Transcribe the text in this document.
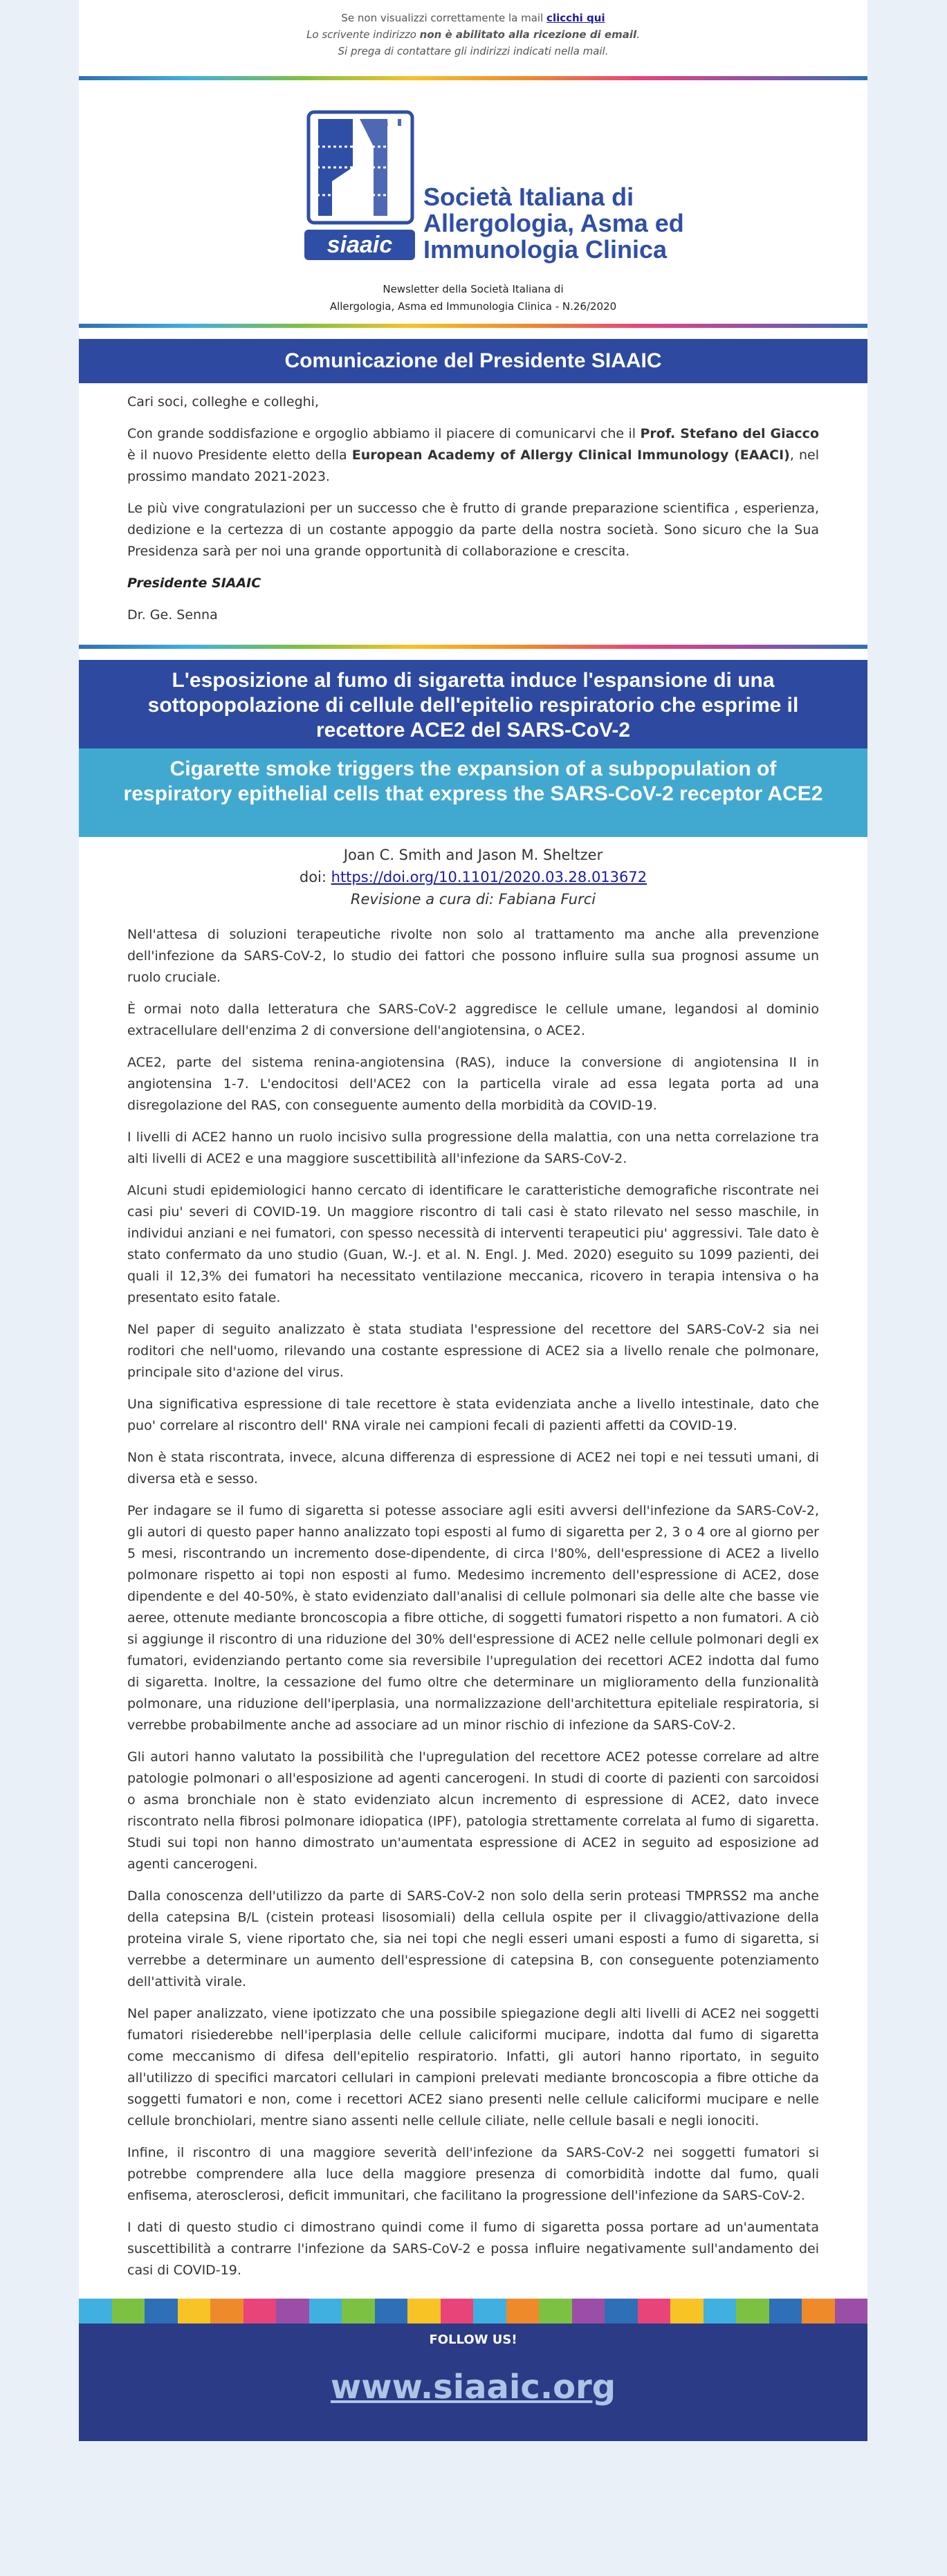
Se non visualizzi correttamente la mail clicchi qui
Lo scrivente indirizzo non è abilitato alla ricezione di email.
Si prega di contattare gli indirizzi indicati nella mail.
siaaic
Società Italiana di
Allergologia, Asma ed
Immunologia Clinica
Newsletter della Società Italiana di
Allergologia, Asma ed Immunologia Clinica - N.26/2020
Comunicazione del Presidente SIAAIC

Cari soci, colleghe e colleghi,

Con grande soddisfazione e orgoglio abbiamo il piacere di comunicarvi che il Prof. Stefano del Giacco è il nuovo Presidente eletto della European Academy of Allergy Clinical Immunology (EAACI), nel prossimo mandato 2021-2023.

Le più vive congratulazioni per un successo che è frutto di grande preparazione scientifica , esperienza, dedizione e la certezza di un costante appoggio da parte della nostra società. Sono sicuro che la Sua Presidenza sarà per noi una grande opportunità di collaborazione e crescita.

Presidente SIAAIC

Dr. Ge. Senna

L'esposizione al fumo di sigaretta induce l'espansione di una sottopopolazione di cellule dell'epitelio respiratorio che esprime il recettore ACE2 del SARS-CoV-2
Cigarette smoke triggers the expansion of a subpopulation of respiratory epithelial cells that express the SARS-CoV-2 receptor ACE2
Joan C. Smith and Jason M. Sheltzer
doi: https://doi.org/10.1101/2020.03.28.013672
Revisione a cura di: Fabiana Furci

Nell'attesa di soluzioni terapeutiche rivolte non solo al trattamento ma anche alla prevenzione dell'infezione da SARS-CoV-2, lo studio dei fattori che possono influire sulla sua prognosi assume un ruolo cruciale.

È ormai noto dalla letteratura che SARS-CoV-2 aggredisce le cellule umane, legandosi al dominio extracellulare dell'enzima 2 di conversione dell'angiotensina, o ACE2.

ACE2, parte del sistema renina-angiotensina (RAS), induce la conversione di angiotensina II in angiotensina 1-7. L'endocitosi dell'ACE2 con la particella virale ad essa legata porta ad una disregolazione del RAS, con conseguente aumento della morbidità da COVID-19.

I livelli di ACE2 hanno un ruolo incisivo sulla progressione della malattia, con una netta correlazione tra alti livelli di ACE2 e una maggiore suscettibilità all'infezione da SARS-CoV-2.

Alcuni studi epidemiologici hanno cercato di identificare le caratteristiche demografiche riscontrate nei casi piu' severi di COVID-19. Un maggiore riscontro di tali casi è stato rilevato nel sesso maschile, in individui anziani e nei fumatori, con spesso necessità di interventi terapeutici piu' aggressivi. Tale dato è stato confermato da uno studio (Guan, W.-J. et al. N. Engl. J. Med. 2020) eseguito su 1099 pazienti, dei quali il 12,3% dei fumatori ha necessitato ventilazione meccanica, ricovero in terapia intensiva o ha presentato esito fatale.

Nel paper di seguito analizzato è stata studiata l'espressione del recettore del SARS-CoV-2 sia nei roditori che nell'uomo, rilevando una costante espressione di ACE2 sia a livello renale che polmonare, principale sito d'azione del virus.

Una significativa espressione di tale recettore è stata evidenziata anche a livello intestinale, dato che puo' correlare al riscontro dell' RNA virale nei campioni fecali di pazienti affetti da COVID-19.

Non è stata riscontrata, invece, alcuna differenza di espressione di ACE2 nei topi e nei tessuti umani, di diversa età e sesso.

Per indagare se il fumo di sigaretta si potesse associare agli esiti avversi dell'infezione da SARS-CoV-2, gli autori di questo paper hanno analizzato topi esposti al fumo di sigaretta per 2, 3 o 4 ore al giorno per 5 mesi, riscontrando un incremento dose-dipendente, di circa l'80%, dell'espressione di ACE2 a livello polmonare rispetto ai topi non esposti al fumo. Medesimo incremento dell'espressione di ACE2, dose dipendente e del 40-50%, è stato evidenziato dall'analisi di cellule polmonari sia delle alte che basse vie aeree, ottenute mediante broncoscopia a fibre ottiche, di soggetti fumatori rispetto a non fumatori. A ciò si aggiunge il riscontro di una riduzione del 30% dell'espressione di ACE2 nelle cellule polmonari degli ex fumatori, evidenziando pertanto come sia reversibile l'upregulation dei recettori ACE2 indotta dal fumo di sigaretta. Inoltre, la cessazione del fumo oltre che determinare un miglioramento della funzionalità polmonare, una riduzione dell'iperplasia, una normalizzazione dell'architettura epiteliale respiratoria, si verrebbe probabilmente anche ad associare ad un minor rischio di infezione da SARS-CoV-2.

Gli autori hanno valutato la possibilità che l'upregulation del recettore ACE2 potesse correlare ad altre patologie polmonari o all'esposizione ad agenti cancerogeni. In studi di coorte di pazienti con sarcoidosi o asma bronchiale non è stato evidenziato alcun incremento di espressione di ACE2, dato invece riscontrato nella fibrosi polmonare idiopatica (IPF), patologia strettamente correlata al fumo di sigaretta. Studi sui topi non hanno dimostrato un'aumentata espressione di ACE2 in seguito ad esposizione ad agenti cancerogeni.

Dalla conoscenza dell'utilizzo da parte di SARS-CoV-2 non solo della serin proteasi TMPRSS2 ma anche della catepsina B/L (cistein proteasi lisosomiali) della cellula ospite per il clivaggio/attivazione della proteina virale S, viene riportato che, sia nei topi che negli esseri umani esposti a fumo di sigaretta, si verrebbe a determinare un aumento dell'espressione di catepsina B, con conseguente potenziamento dell'attività virale.

Nel paper analizzato, viene ipotizzato che una possibile spiegazione degli alti livelli di ACE2 nei soggetti fumatori risiederebbe nell'iperplasia delle cellule caliciformi mucipare, indotta dal fumo di sigaretta come meccanismo di difesa dell'epitelio respiratorio. Infatti, gli autori hanno riportato, in seguito all'utilizzo di specifici marcatori cellulari in campioni prelevati mediante broncoscopia a fibre ottiche da soggetti fumatori e non, come i recettori ACE2 siano presenti nelle cellule caliciformi mucipare e nelle cellule bronchiolari, mentre siano assenti nelle cellule ciliate, nelle cellule basali e negli ionociti.

Infine, il riscontro di una maggiore severità dell'infezione da SARS-CoV-2 nei soggetti fumatori si potrebbe comprendere alla luce della maggiore presenza di comorbidità indotte dal fumo, quali enfisema, aterosclerosi, deficit immunitari, che facilitano la progressione dell'infezione da SARS-CoV-2.

I dati di questo studio ci dimostrano quindi come il fumo di sigaretta possa portare ad un'aumentata suscettibilità a contrarre l'infezione da SARS-CoV-2 e possa influire negativamente sull'andamento dei casi di COVID-19.

FOLLOW US!
www.siaaic.org
